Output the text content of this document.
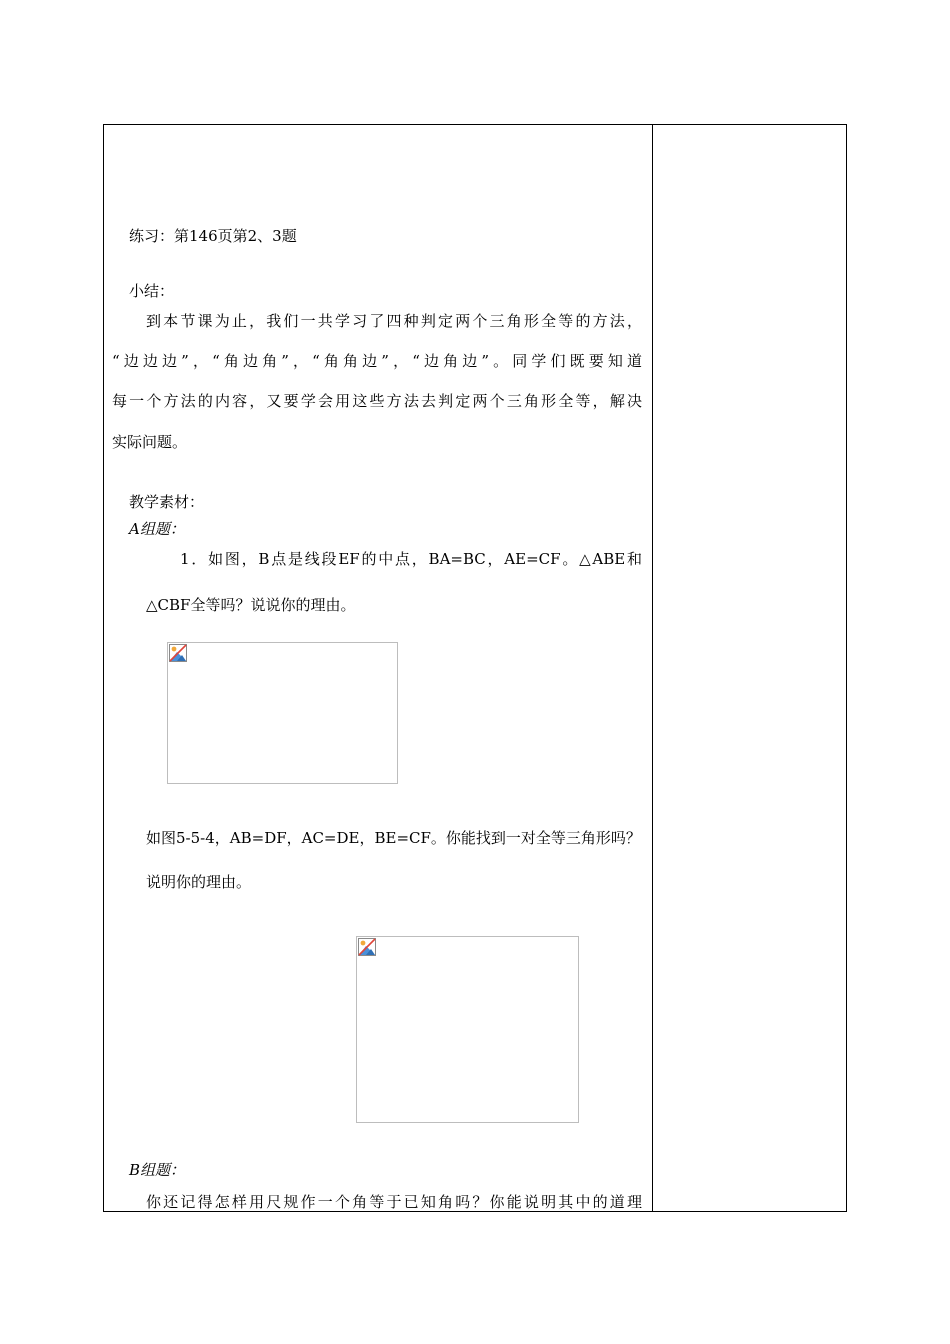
练习：第146页第2、3题
小结：
到本节课为止，我们一共学习了四种判定两个三角形全等的方法，
“边边边”，“角边角”，“角角边”，“边角边”。同学们既要知道
每一个方法的内容，又要学会用这些方法去判定两个三角形全等，解决
实际问题。
教学素材：
A组题：
1．如图，B点是线段EF的中点，BA=BC，AE=CF。△ABE和
△CBF全等吗？说说你的理由。
如图5-5-4，AB=DF，AC=DE，BE=CF。你能找到一对全等三角形吗？
说明你的理由。
B组题：
你还记得怎样用尺规作一个角等于已知角吗？你能说明其中的道理
